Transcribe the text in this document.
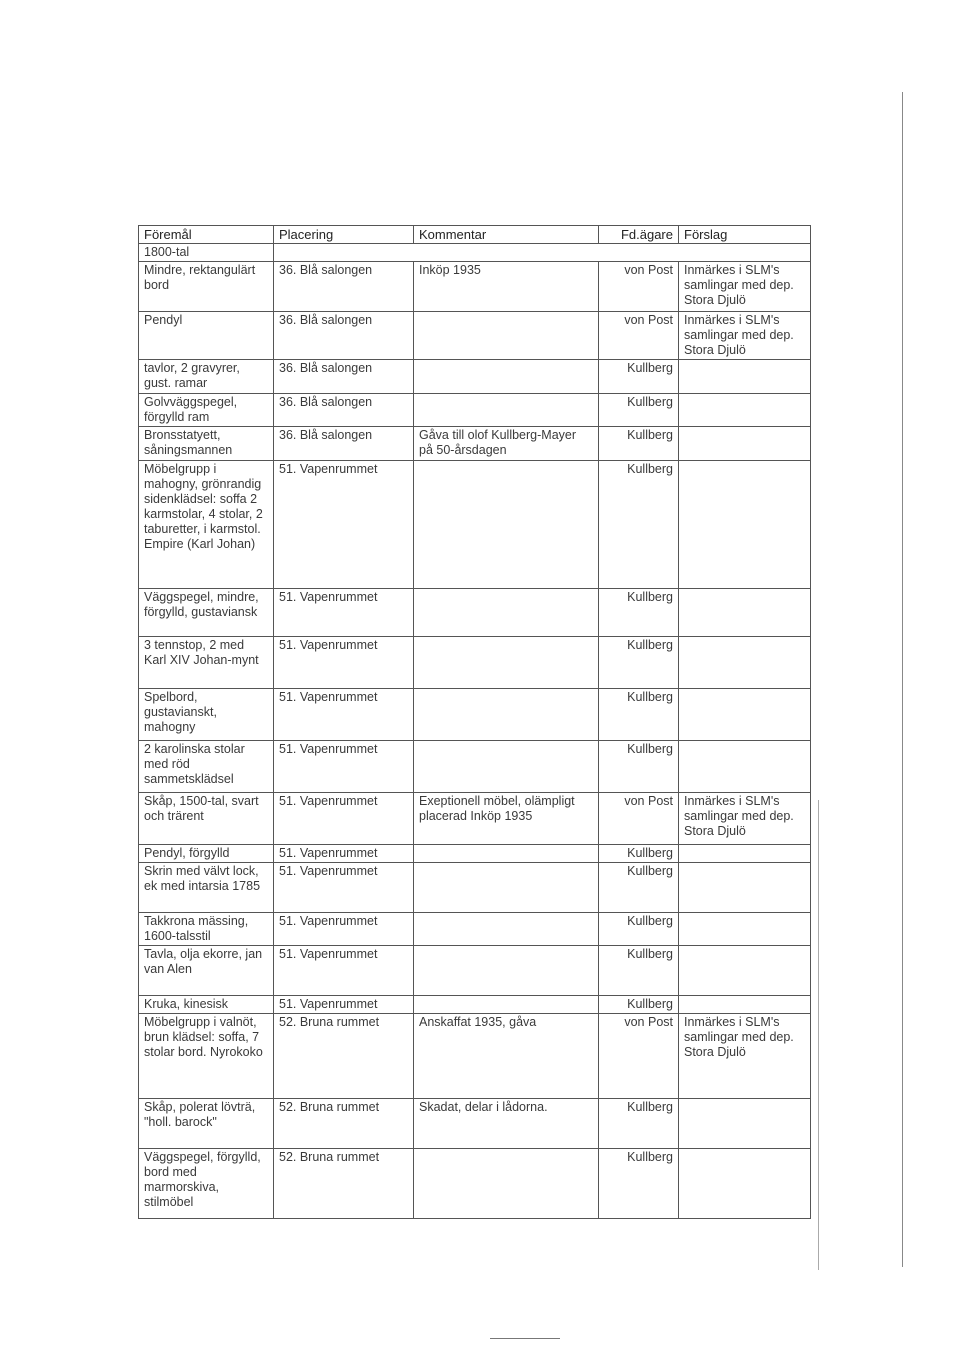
Föremål	Placering	Kommentar	Fd.ägare	Förslag
1800-tal				
Mindre, rektangulärt bord	36. Blå salongen	Inköp 1935	von Post	Inmärkes i SLM's samlingar med dep. Stora Djulö
Pendyl	36. Blå salongen		von Post	Inmärkes i SLM's samlingar med dep. Stora Djulö
tavlor, 2 gravyrer, gust. ramar	36. Blå salongen		Kullberg	
Golvväggspegel, förgylld ram	36. Blå salongen		Kullberg	
Bronsstatyett, såningsmannen	36. Blå salongen	Gåva till olof Kullberg-Mayer på 50-årsdagen	Kullberg	
Möbelgrupp i mahogny, grönrandig sidenklädsel: soffa 2 karmstolar, 4 stolar, 2 taburetter, i karmstol. Empire (Karl Johan)	51. Vapenrummet		Kullberg	
Väggspegel, mindre, förgylld, gustaviansk	51. Vapenrummet		Kullberg	
3 tennstop, 2 med Karl XIV Johan-mynt	51. Vapenrummet		Kullberg	
Spelbord, gustavianskt, mahogny	51. Vapenrummet		Kullberg	
2 karolinska stolar med röd sammetsklädsel	51. Vapenrummet		Kullberg	
Skåp, 1500-tal, svart och trärent	51. Vapenrummet	Exeptionell möbel, olämpligt placerad Inköp 1935	von Post	Inmärkes i SLM's samlingar med dep. Stora Djulö
Pendyl, förgylld	51. Vapenrummet		Kullberg	
Skrin med välvt lock, ek med intarsia 1785	51. Vapenrummet		Kullberg	
Takkrona mässing, 1600-talsstil	51. Vapenrummet		Kullberg	
Tavla, olja ekorre, jan van Alen	51. Vapenrummet		Kullberg	
Kruka, kinesisk	51. Vapenrummet		Kullberg	
Möbelgrupp i valnöt, brun klädsel: soffa, 7 stolar bord. Nyrokoko	52. Bruna rummet	Anskaffat 1935, gåva	von Post	Inmärkes i SLM's samlingar med dep. Stora Djulö
Skåp, polerat lövträ, "holl. barock"	52. Bruna rummet	Skadat, delar i lådorna.	Kullberg	
Väggspegel, förgylld, bord med marmorskiva, stilmöbel	52. Bruna rummet		Kullberg	
